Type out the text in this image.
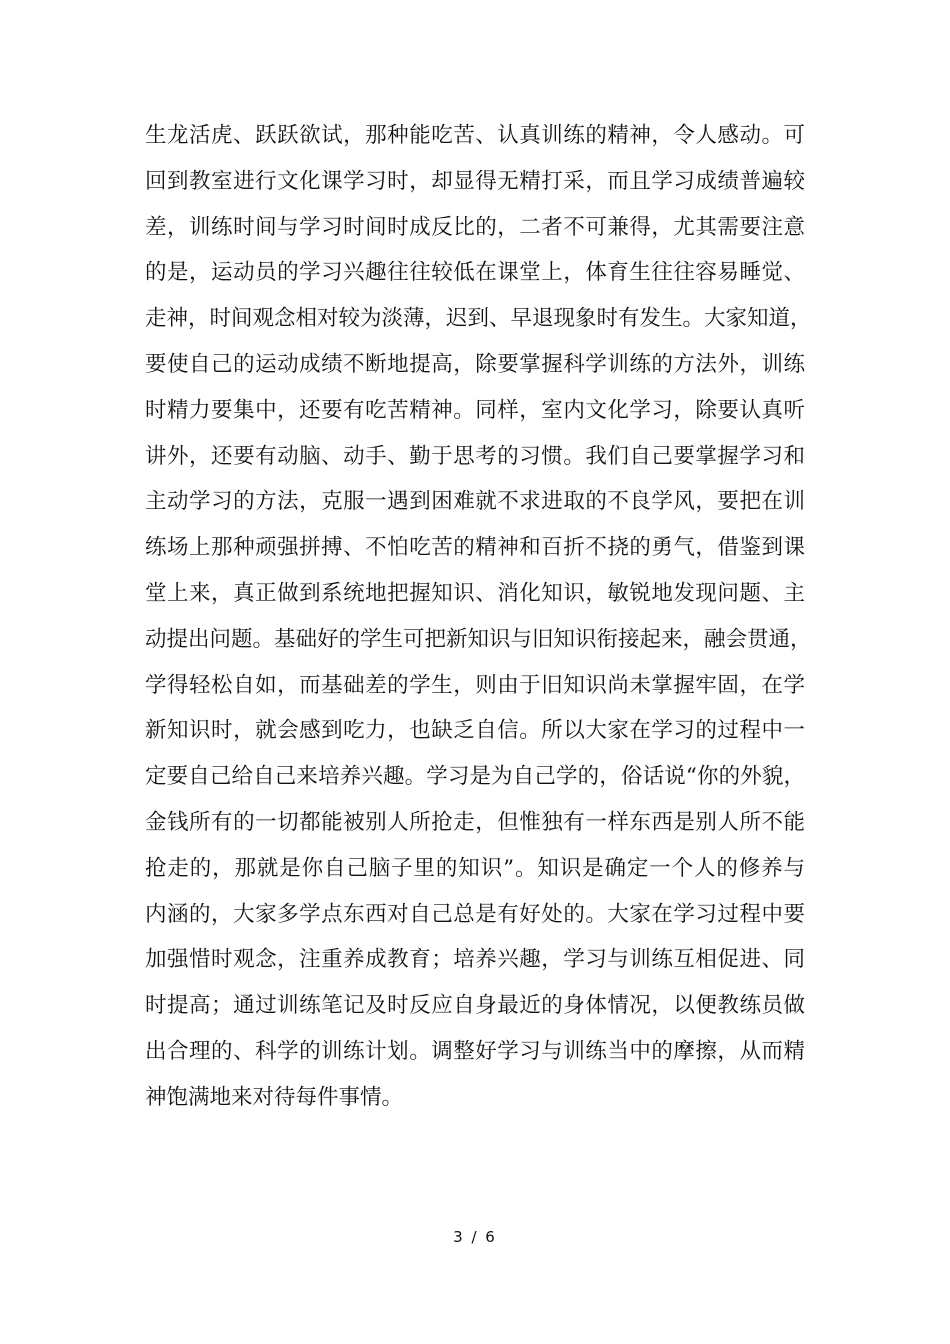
生龙活虎、跃跃欲试，那种能吃苦、认真训练的精神，令人感动。可
回到教室进行文化课学习时，却显得无精打采，而且学习成绩普遍较
差，训练时间与学习时间时成反比的，二者不可兼得，尤其需要注意
的是，运动员的学习兴趣往往较低在课堂上，体育生往往容易睡觉、
走神，时间观念相对较为淡薄，迟到、早退现象时有发生。大家知道，
要使自己的运动成绩不断地提高，除要掌握科学训练的方法外，训练
时精力要集中，还要有吃苦精神。同样，室内文化学习，除要认真听
讲外，还要有动脑、动手、勤于思考的习惯。我们自己要掌握学习和
主动学习的方法，克服一遇到困难就不求进取的不良学风，要把在训
练场上那种顽强拼搏、不怕吃苦的精神和百折不挠的勇气，借鉴到课
堂上来，真正做到系统地把握知识、消化知识，敏锐地发现问题、主
动提出问题。基础好的学生可把新知识与旧知识衔接起来，融会贯通，
学得轻松自如，而基础差的学生，则由于旧知识尚未掌握牢固，在学
新知识时，就会感到吃力，也缺乏自信。所以大家在学习的过程中一
定要自己给自己来培养兴趣。学习是为自己学的，俗话说“你的外貌，
金钱所有的一切都能被别人所抢走，但惟独有一样东西是别人所不能
抢走的，那就是你自己脑子里的知识”。知识是确定一个人的修养与
内涵的，大家多学点东西对自己总是有好处的。大家在学习过程中要
加强惜时观念，注重养成教育；培养兴趣，学习与训练互相促进、同
时提高；通过训练笔记及时反应自身最近的身体情况，以便教练员做
出合理的、科学的训练计划。调整好学习与训练当中的摩擦，从而精
神饱满地来对待每件事情。
3 / 6
